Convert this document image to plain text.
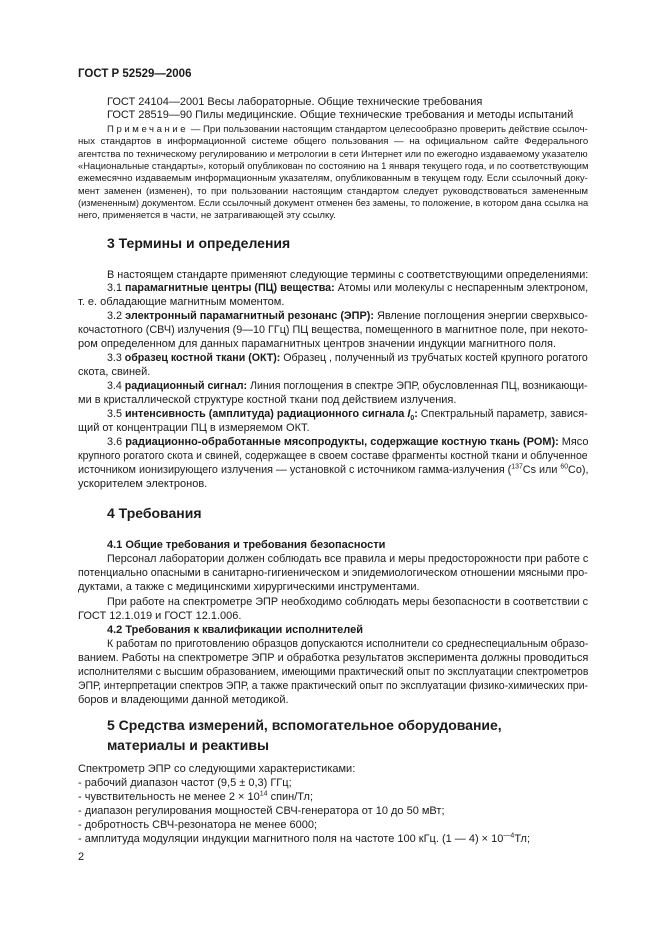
ГОСТ Р 52529—2006
ГОСТ 24104—2001 Весы лабораторные. Общие технические требования
ГОСТ 28519—90 Пилы медицинские. Общие технические требования и методы испытаний
Примечание — При пользовании настоящим стандартом целесообразно проверить действие ссылоч-
ных стандартов в информационной системе общего пользования — на официальном сайте Федерального
агентства по техническому регулированию и метрологии в сети Интернет или по ежегодно издаваемому указателю
«Национальные стандарты», который опубликован по состоянию на 1 января текущего года, и по соответствующим
ежемесячно издаваемым информационным указателям, опубликованным в текущем году. Если ссылочный доку-
мент заменен (изменен), то при пользовании настоящим стандартом следует руководствоваться замененным
(измененным) документом. Если ссылочный документ отменен без замены, то положение, в котором дана ссылка на
него, применяется в части, не затрагивающей эту ссылку.
3 Термины и определения
В настоящем стандарте применяют следующие термины с соответствующими определениями:
3.1 парамагнитные центры (ПЦ) вещества: Атомы или молекулы с неспаренным электроном,
т. е. обладающие магнитным моментом.
3.2 электронный парамагнитный резонанс (ЭПР): Явление поглощения энергии сверхвысо-
кочастотного (СВЧ) излучения (9—10 ГГц) ПЦ вещества, помещенного в магнитное поле, при некото-
ром определенном для данных парамагнитных центров значении индукции магнитного поля.
3.3 образец костной ткани (ОКТ): Образец , полученный из трубчатых костей крупного рогатого
скота, свиней.
3.4 радиационный сигнал: Линия поглощения в спектре ЭПР, обусловленная ПЦ, возникающи-
ми в кристаллической структуре костной ткани под действием излучения.
3.5 интенсивность (амплитуда) радиационного сигнала $I_0$: Спектральный параметр, завися-
щий от концентрации ПЦ в измеряемом ОКТ.
3.6 радиационно-обработанные мясопродукты, содержащие костную ткань (РОМ): Мясо
крупного рогатого скота и свиней, содержащее в своем составе фрагменты костной ткани и облученное
источником ионизирующего излучения — установкой с источником гамма-излучения ($^{137}$Cs или $^{60}$Co),
ускорителем электронов.
4 Требования
4.1 Общие требования и требования безопасности
Персонал лаборатории должен соблюдать все правила и меры предосторожности при работе с
потенциально опасными в санитарно-гигиеническом и эпидемиологическом отношении мясными про-
дуктами, а также с медицинскими хирургическими инструментами.
При работе на спектрометре ЭПР необходимо соблюдать меры безопасности в соответствии с
ГОСТ 12.1.019 и ГОСТ 12.1.006.
4.2 Требования к квалификации исполнителей
К работам по приготовлению образцов допускаются исполнители со среднеспециальным образо-
ванием. Работы на спектрометре ЭПР и обработка результатов эксперимента должны проводиться
исполнителями с высшим образованием, имеющими практический опыт по эксплуатации спектрометров
ЭПР, интерпретации спектров ЭПР, а также практический опыт по эксплуатации физико-химических при-
боров и владеющими данной методикой.
5 Средства измерений, вспомогательное оборудование,
материалы и реактивы
Спектрометр ЭПР со следующими характеристиками:
- рабочий диапазон частот (9,5 ± 0,3) ГГц;
- чувствительность не менее $2 \times 10^{14}$ спин/Тл;
- диапазон регулирования мощностей СВЧ-генератора от 10 до 50 мВт;
- добротность СВЧ-резонатора не менее 6000;
- амплитуда модуляции индукции магнитного поля на частоте 100 кГц. (1 — $4) \times 10^{—4}Тл$;
2
